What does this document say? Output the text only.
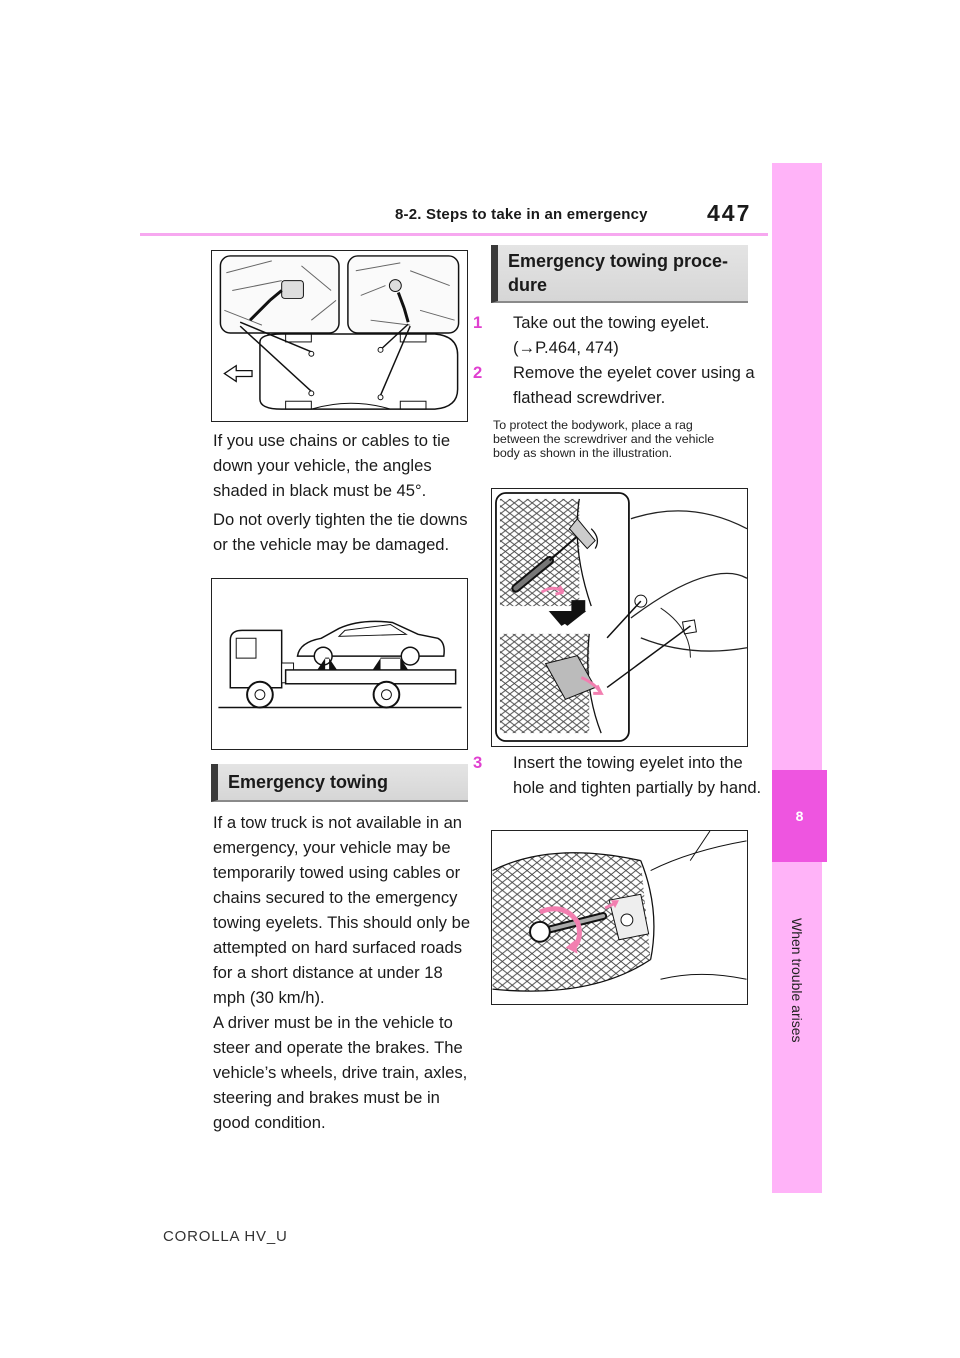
8-2. Steps to take in an emergency	447
8
When trouble arises
If you use chains or cables to tie down your vehicle, the angles shaded in black must be 45°.
Do not overly tighten the tie downs or the vehicle may be damaged.
Emergency towing
If a tow truck is not available in an emergency, your vehicle may be temporarily towed using cables or chains secured to the emergency towing eyelets. This should only be attempted on hard surfaced roads for a short distance at under 18 mph (30 km/h).
A driver must be in the vehicle to steer and operate the brakes. The vehicle’s wheels, drive train, axles, steering and brakes must be in good condition.
Emergency towing proce-dure
1 Take out the towing eyelet. (→P.464, 474)
2 Remove the eyelet cover using a flathead screwdriver.
To protect the bodywork, place a rag between the screwdriver and the vehicle body as shown in the illustration.
3 Insert the towing eyelet into the hole and tighten partially by hand.
COROLLA HV_U
